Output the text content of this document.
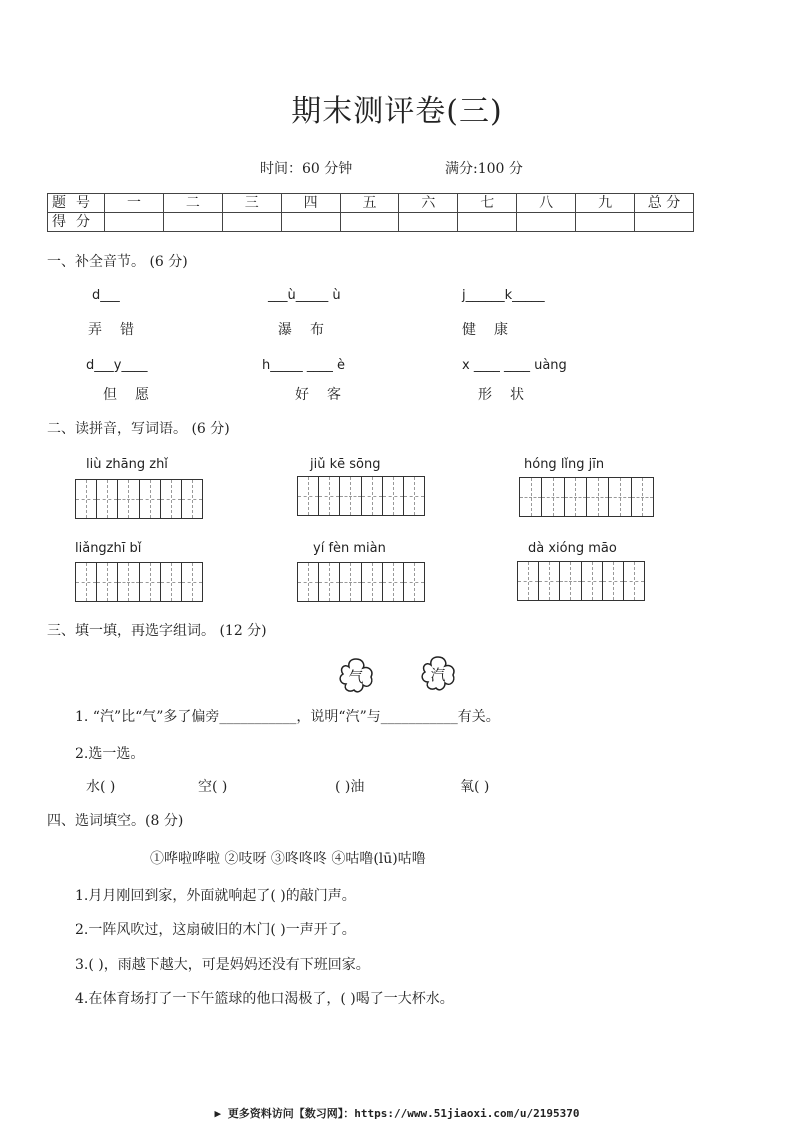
期末测评卷(三)
时间：60 分钟	满分:100 分
题号	一	二	三	四	五	六	七	八	九	总 分
得分										
一、补全音节。 (6 分)
d___
弄错
___ù_____ ù
瀑布
j______k_____
健康
d___y____
但愿
h_____ ____ è
好客
x ____ ____ uàng
形状
二、读拼音，写词语。 (6 分)
liù zhāng zhǐ	jiǔ kē sōng	hóng lǐng jīn
liǎngzhī bǐ	yí fèn miàn	dà xióng māo
三、填一填，再选字组词。 (12 分)
气	汽
1. “汽”比“气”多了偏旁___________，说明“汽”与___________有关。
2.选一选。
水( )	空( )	( )油	氧( )
四、选词填空。(8 分)
①哗啦哗啦 ②吱呀 ③咚咚咚 ④咕噜(lū)咕噜
1.月月刚回到家，外面就响起了( )的敲门声。
2.一阵风吹过，这扇破旧的木门( )一声开了。
3.( )，雨越下越大，可是妈妈还没有下班回家。
4.在体育场打了一下午篮球的他口渴极了，( )喝了一大杯水。
▶ 更多资料访问【数习网】：https://www.51jiaoxi.com/u/2195370
